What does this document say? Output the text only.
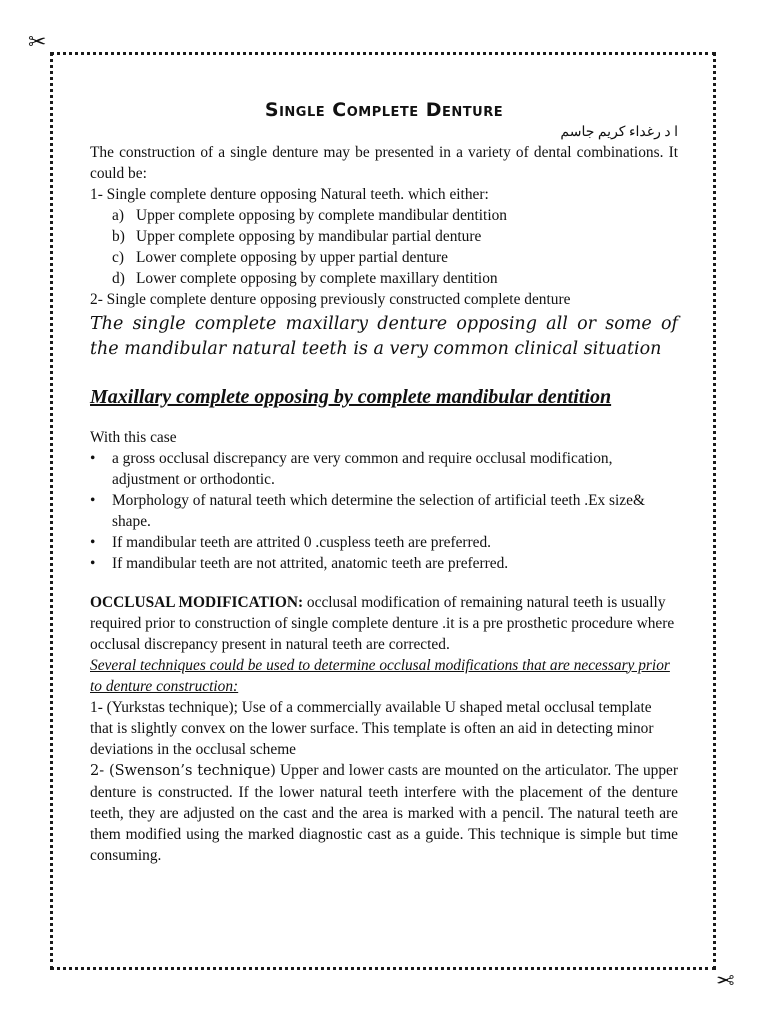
✂
✂
Single Complete Denture

ا د رغداء كريم جاسم

The construction of a single denture may be presented in a variety of dental combinations. It could be:

1- Single complete denture opposing Natural teeth. which either:

a) Upper complete opposing by complete mandibular dentition
b) Upper complete opposing by mandibular partial denture
c) Lower complete opposing by upper partial denture
d) Lower complete opposing by complete maxillary dentition

2- Single complete denture opposing previously constructed complete denture

The single complete maxillary denture opposing all or some of the mandibular natural teeth is a very common clinical situation

Maxillary complete opposing by complete mandibular dentition

With this case

•	a gross occlusal discrepancy are very common and require occlusal modification, adjustment or orthodontic.
•	Morphology of natural teeth which determine the selection of artificial teeth .Ex size& shape.
•	If mandibular teeth are attrited 0 .cuspless teeth are preferred.
•	If mandibular teeth are not attrited, anatomic teeth are preferred.

OCCLUSAL MODIFICATION: occlusal modification of remaining natural teeth is usually required prior to construction of single complete denture .it is a pre prosthetic procedure where occlusal discrepancy present in natural teeth are corrected.

Several techniques could be used to determine occlusal modifications that are necessary prior to denture construction:

1- (Yurkstas technique); Use of a commercially available U shaped metal occlusal template that is slightly convex on the lower surface. This template is often an aid in detecting minor deviations in the occlusal scheme

2- (Swenson’s technique) Upper and lower casts are mounted on the articulator. The upper denture is constructed. If the lower natural teeth interfere with the placement of the denture teeth, they are adjusted on the cast and the area is marked with a pencil. The natural teeth are them modified using the marked diagnostic cast as a guide. This technique is simple but time consuming.
